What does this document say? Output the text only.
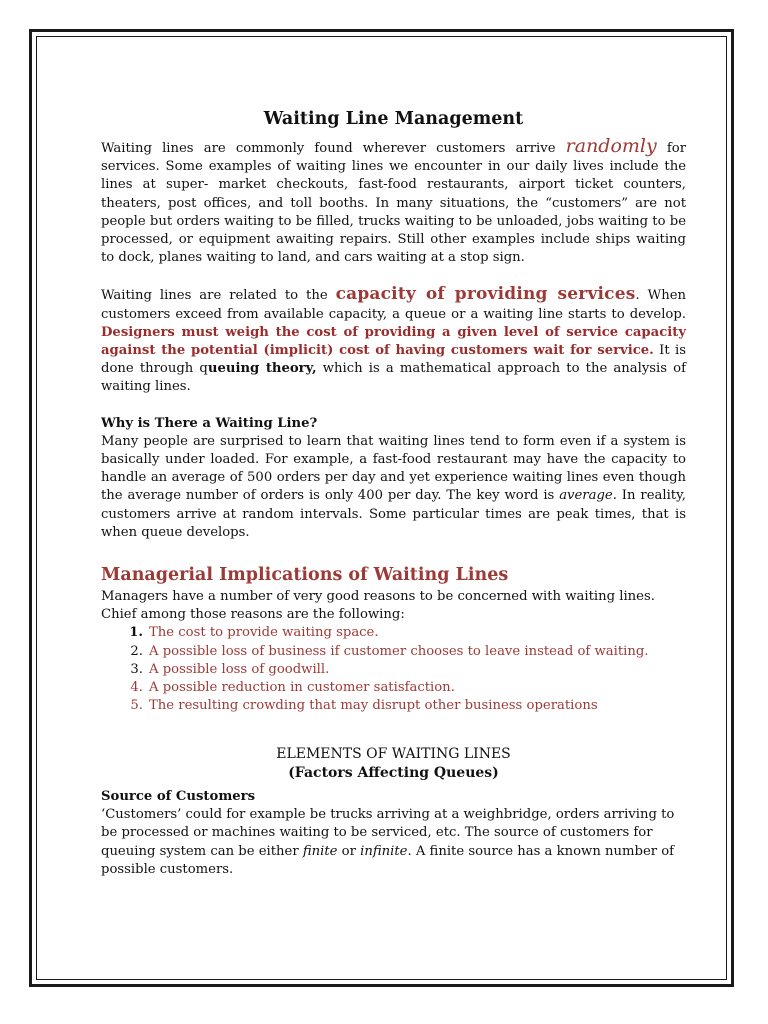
Waiting Line Management

Waiting lines are commonly found wherever customers arrive randomly for services. Some examples of waiting lines we encounter in our daily lives include the lines at super- market checkouts, fast-food restaurants, airport ticket counters, theaters, post offices, and toll booths. In many situations, the “customers” are not people but orders waiting to be filled, trucks waiting to be unloaded, jobs waiting to be processed, or equipment awaiting repairs. Still other examples include ships waiting to dock, planes waiting to land, and cars waiting at a stop sign.

Waiting lines are related to the capacity of providing services. When customers exceed from available capacity, a queue or a waiting line starts to develop. Designers must weigh the cost of providing a given level of service capacity against the potential (implicit) cost of having customers wait for service. It is done through queuing theory, which is a mathematical approach to the analysis of waiting lines.

Why is There a Waiting Line?

Many people are surprised to learn that waiting lines tend to form even if a system is basically under loaded. For example, a fast-food restaurant may have the capacity to handle an average of 500 orders per day and yet experience waiting lines even though the average number of orders is only 400 per day. The key word is average. In reality, customers arrive at random intervals. Some particular times are peak times, that is when queue develops.

Managerial Implications of Waiting Lines

Managers have a number of very good reasons to be concerned with waiting lines. Chief among those reasons are the following:

1. The cost to provide waiting space.
2. A possible loss of business if customer chooses to leave instead of waiting.
3. A possible loss of goodwill.
4. A possible reduction in customer satisfaction.
5. The resulting crowding that may disrupt other business operations

ELEMENTS OF WAITING LINES

(Factors Affecting Queues)

Source of Customers

‘Customers’ could for example be trucks arriving at a weighbridge, orders arriving to be processed or machines waiting to be serviced, etc. The source of customers for queuing system can be either finite or infinite. A finite source has a known number of possible customers.
